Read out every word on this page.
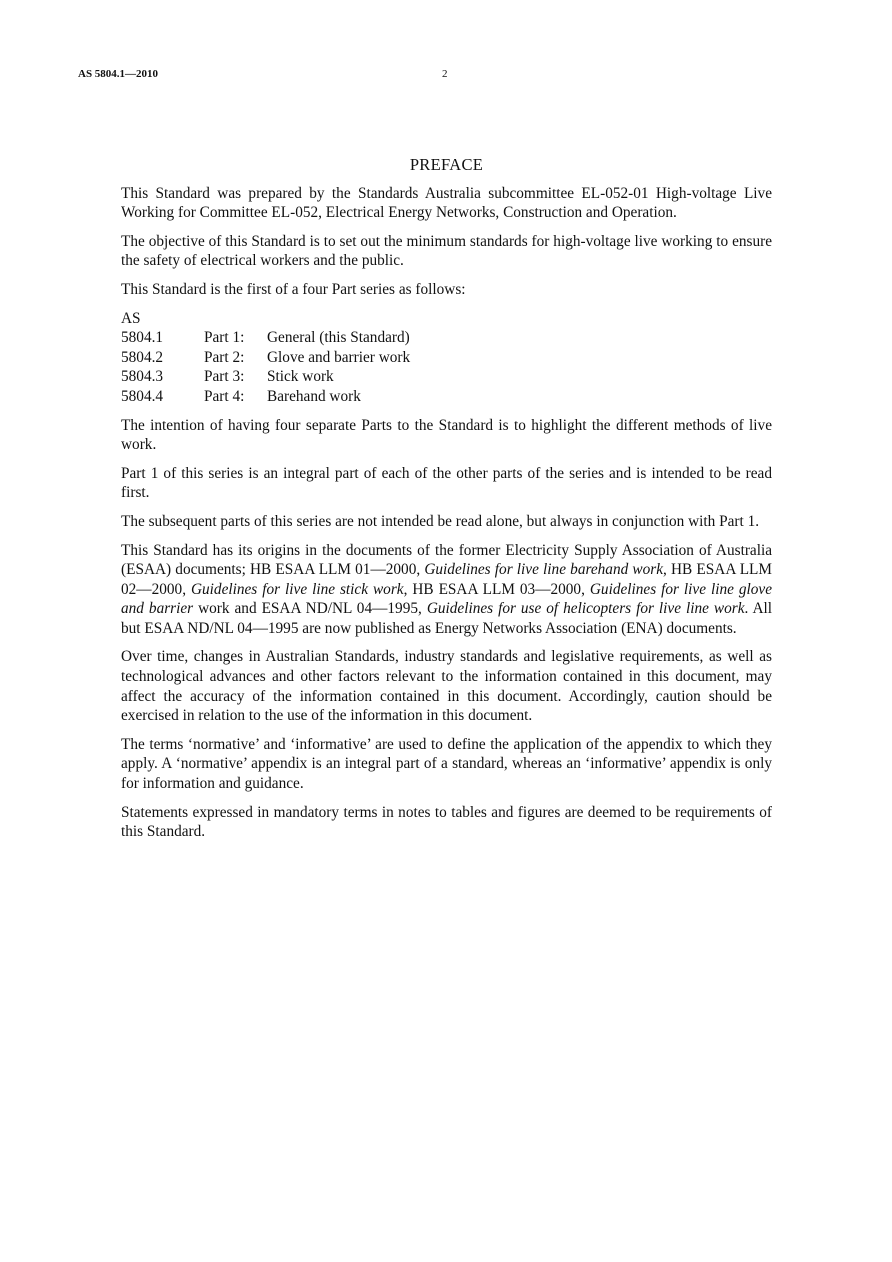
AS 5804.1—2010	2
PREFACE

This Standard was prepared by the Standards Australia subcommittee EL-052-01 High-voltage Live Working for Committee EL-052, Electrical Energy Networks, Construction and Operation.

The objective of this Standard is to set out the minimum standards for high-voltage live working to ensure the safety of electrical workers and the public.

This Standard is the first of a four Part series as follows:

AS
5804.1	Part 1:	General (this Standard)
5804.2	Part 2:	Glove and barrier work
5804.3	Part 3:	Stick work
5804.4	Part 4:	Barehand work

The intention of having four separate Parts to the Standard is to highlight the different methods of live work.

Part 1 of this series is an integral part of each of the other parts of the series and is intended to be read first.

The subsequent parts of this series are not intended be read alone, but always in conjunction with Part 1.

This Standard has its origins in the documents of the former Electricity Supply Association of Australia (ESAA) documents; HB ESAA LLM 01—2000, Guidelines for live line barehand work, HB ESAA LLM 02—2000, Guidelines for live line stick work, HB ESAA LLM 03—2000, Guidelines for live line glove and barrier work and ESAA ND/NL 04—1995, Guidelines for use of helicopters for live line work. All but ESAA ND/NL 04—1995 are now published as Energy Networks Association (ENA) documents.

Over time, changes in Australian Standards, industry standards and legislative requirements, as well as technological advances and other factors relevant to the information contained in this document, may affect the accuracy of the information contained in this document. Accordingly, caution should be exercised in relation to the use of the information in this document.

The terms ‘normative’ and ‘informative’ are used to define the application of the appendix to which they apply. A ‘normative’ appendix is an integral part of a standard, whereas an ‘informative’ appendix is only for information and guidance.

Statements expressed in mandatory terms in notes to tables and figures are deemed to be requirements of this Standard.
